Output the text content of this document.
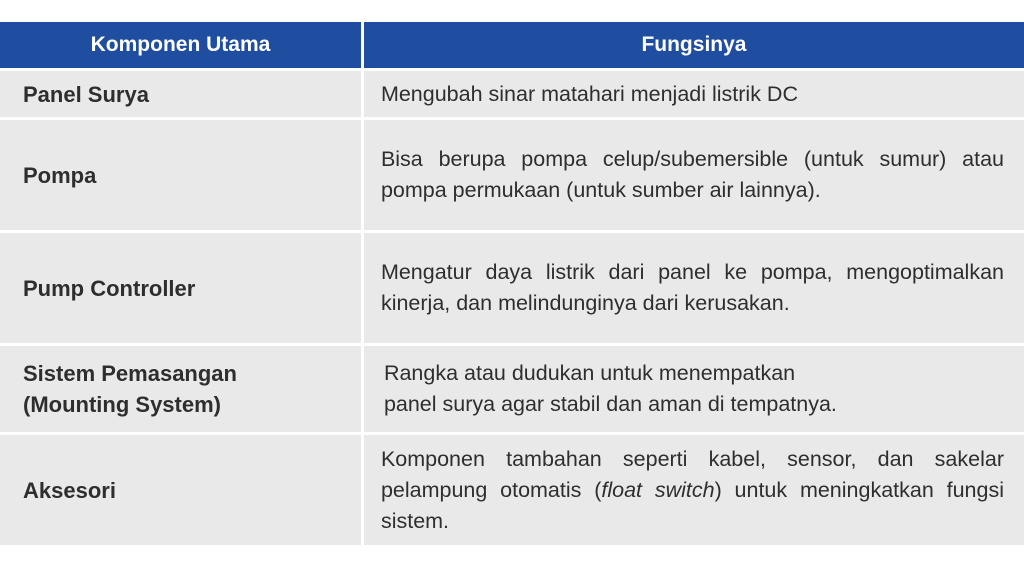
Komponen Utama	Fungsinya
Panel Surya	Mengubah sinar matahari menjadi listrik DC
Pompa
Bisa berupa pompa celup/subemersible (untuk sumur) atau pompa permukaan (untuk sumber air lainnya).
Pump Controller
Mengatur daya listrik dari panel ke pompa, mengoptimalkan kinerja, dan melindunginya dari kerusakan.
Sistem Pemasangan
(Mounting System)
Rangka atau dudukan untuk menempatkan
panel surya agar stabil dan aman di tempatnya.
Aksesori
Komponen tambahan seperti kabel, sensor, dan sakelar pelampung otomatis (float switch) untuk meningkatkan fungsi sistem.
